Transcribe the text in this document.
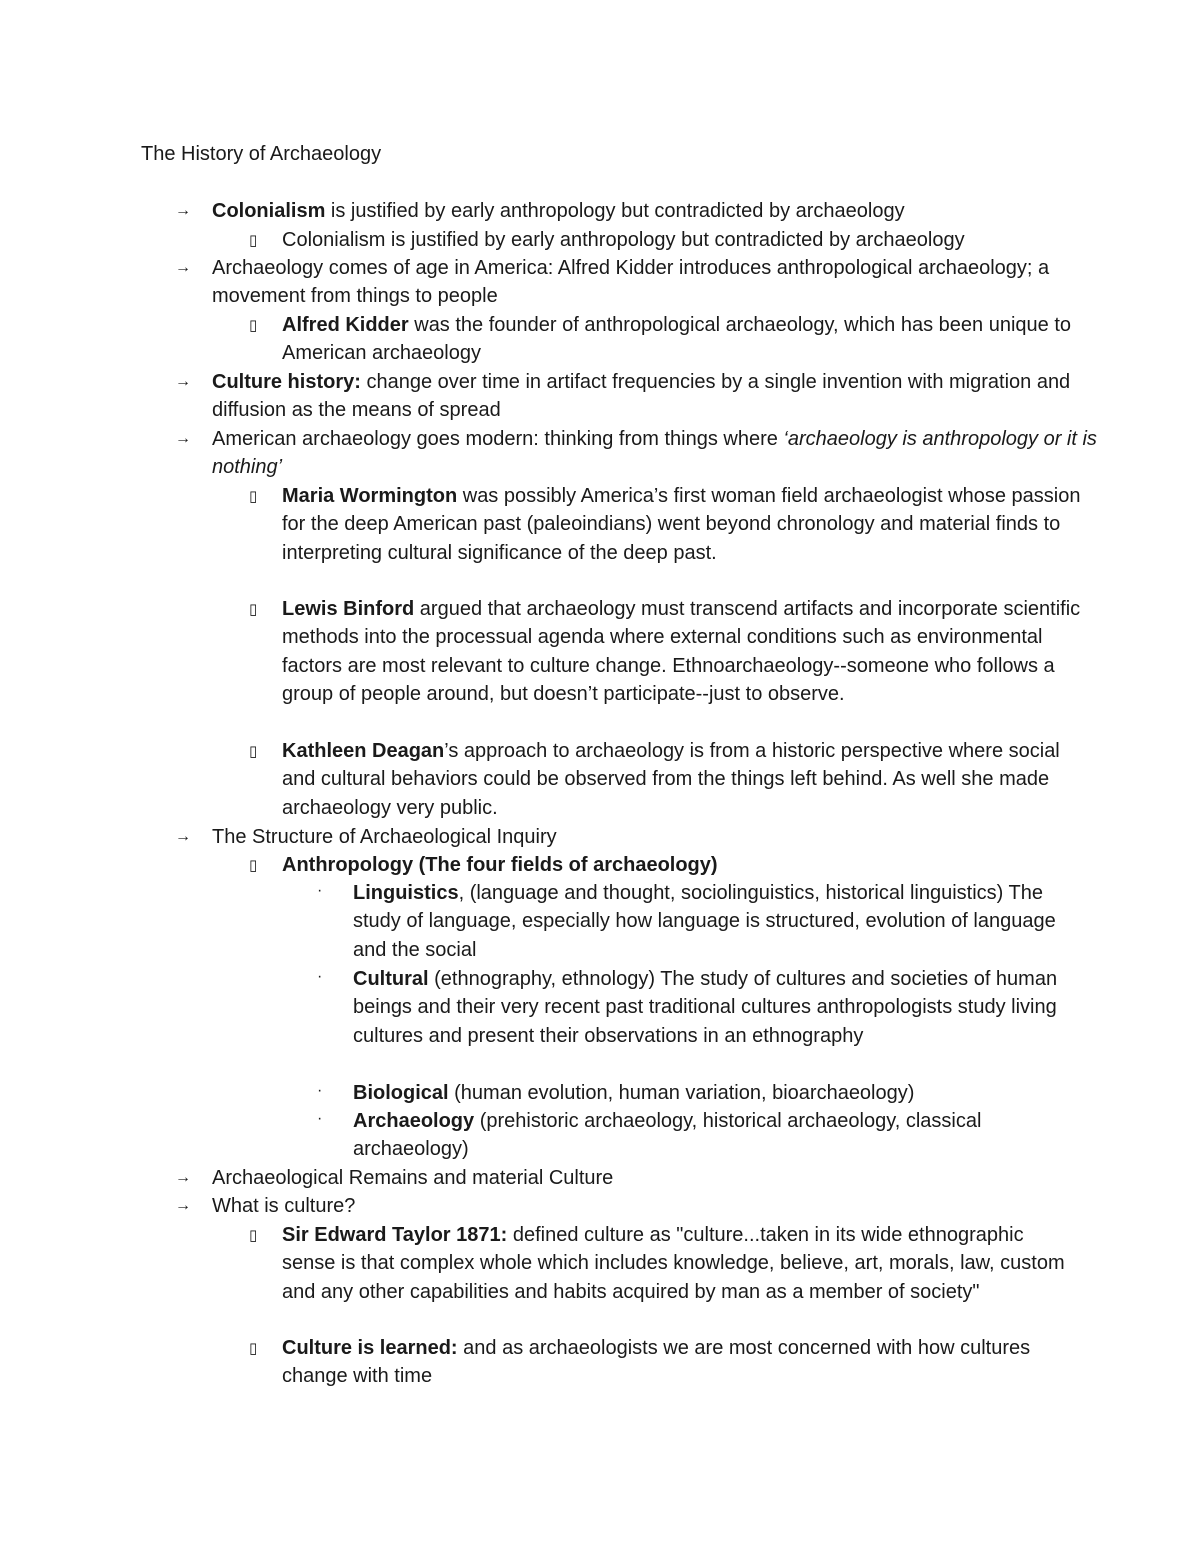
The History of Archaeology
→ Colonialism is justified by early anthropology but contradicted by archaeology
▯ Colonialism is justified by early anthropology but contradicted by archaeology
→ Archaeology comes of age in America: Alfred Kidder introduces anthropological archaeology; a movement from things to people
▯ Alfred Kidder was the founder of anthropological archaeology, which has been unique to American archaeology
→ Culture history: change over time in artifact frequencies by a single invention with migration and diffusion as the means of spread
→ American archaeology goes modern: thinking from things where ‘archaeology is anthropology or it is nothing’
▯ Maria Wormington was possibly America’s first woman field archaeologist whose passion for the deep American past (paleoindians) went beyond chronology and material finds to interpreting cultural significance of the deep past.
▯ Lewis Binford argued that archaeology must transcend artifacts and incorporate scientific methods into the processual agenda where external conditions such as environmental factors are most relevant to culture change. Ethnoarchaeology--someone who follows a group of people around, but doesn’t participate--just to observe.
▯ Kathleen Deagan’s approach to archaeology is from a historic perspective where social and cultural behaviors could be observed from the things left behind. As well she made archaeology very public.
→ The Structure of Archaeological Inquiry
▯ Anthropology (The four fields of archaeology)
· Linguistics, (language and thought, sociolinguistics, historical linguistics) The study of language, especially how language is structured, evolution of language and the social
· Cultural (ethnography, ethnology) The study of cultures and societies of human beings and their very recent past traditional cultures anthropologists study living cultures and present their observations in an ethnography
· Biological (human evolution, human variation, bioarchaeology)
· Archaeology (prehistoric archaeology, historical archaeology, classical archaeology)
→ Archaeological Remains and material Culture
→ What is culture?
▯ Sir Edward Taylor 1871: defined culture as "culture...taken in its wide ethnographic sense is that complex whole which includes knowledge, believe, art, morals, law, custom and any other capabilities and habits acquired by man as a member of society"
▯ Culture is learned: and as archaeologists we are most concerned with how cultures change with time
